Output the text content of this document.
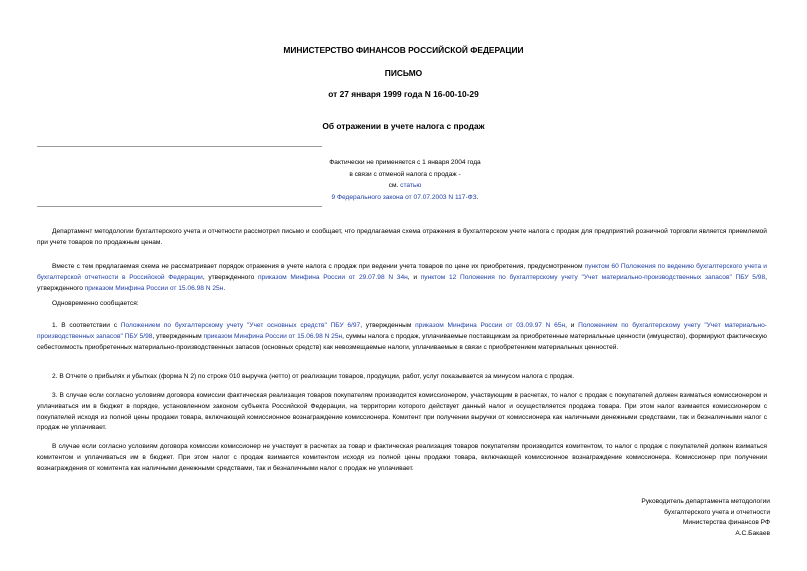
МИНИСТЕРСТВО ФИНАНСОВ РОССИЙСКОЙ ФЕДЕРАЦИИ
ПИСЬМО
от 27 января 1999 года N 16-00-10-29
Об отражении в учете налога с продаж
Фактически не применяется с 1 января 2004 года
в связи с отменой налога с продаж -
см. статью
9 Федерального закона от 07.07.2003 N 117-ФЗ.

Департамент методологии бухгалтерского учета и отчетности рассмотрел письмо и сообщает, что предлагаемая схема отражения в бухгалтерском учете налога с продаж для предприятий розничной торговли является приемлемой при учете товаров по продажным ценам.

Вместе с тем предлагаемая схема не рассматривает порядок отражения в учете налога с продаж при ведении учета товаров по цене их приобретения, предусмотренном пунктом 60 Положения по ведению бухгалтерского учета и бухгалтерской отчетности в Российской Федерации, утвержденного приказом Минфина России от 29.07.98 N 34н, и пунктом 12 Положения по бухгалтерскому учету "Учет материально-производственных запасов" ПБУ 5/98, утвержденного приказом Минфина России от 15.06.98 N 25н.

Одновременно сообщается:

1. В соответствии с Положением по бухгалтерскому учету "Учет основных средств" ПБУ 6/97, утвержденным приказом Минфина России от 03.09.97 N 65н, и Положением по бухгалтерскому учету "Учет материально-производственных запасов" ПБУ 5/98, утвержденным приказом Минфина России от 15.06.98 N 25н, суммы налога с продаж, уплачиваемые поставщикам за приобретенные материальные ценности (имущество), формируют фактическую себестоимость приобретенных материально-производственных запасов (основных средств) как невозмещаемые налоги, уплачиваемые в связи с приобретением материальных ценностей.

2. В Отчете о прибылях и убытках (форма N 2) по строке 010 выручка (нетто) от реализации товаров, продукции, работ, услуг показывается за минусом налога с продаж.

3. В случае если согласно условиям договора комиссии фактическая реализация товаров покупателям производится комиссионером, участвующим в расчетах, то налог с продаж с покупателей должен взиматься комиссионером и уплачиваться им в бюджет в порядке, установленном законом субъекта Российской Федерации, на территории которого действует данный налог и осуществляется продажа товара. При этом налог взимается комиссионером с покупателей исходя из полной цены продажи товара, включающей комиссионное вознаграждение комиссионера. Комитент при получении выручки от комиссионера как наличными денежными средствами, так и безналичными налог с продаж не уплачивает.

В случае если согласно условиям договора комиссии комиссионер не участвует в расчетах за товар и фактическая реализация товаров покупателям производится комитентом, то налог с продаж с покупателей должен взиматься комитентом и уплачиваться им в бюджет. При этом налог с продаж взимается комитентом исходя из полной цены продажи товара, включающей комиссионное вознаграждение комиссионера. Комиссионер при получении вознаграждения от комитента как наличными денежными средствами, так и безналичными налог с продаж не уплачивает.

Руководитель департамента методологии
бухгалтерского учета и отчетности
Министерства финансов РФ
А.С.Бакаев
